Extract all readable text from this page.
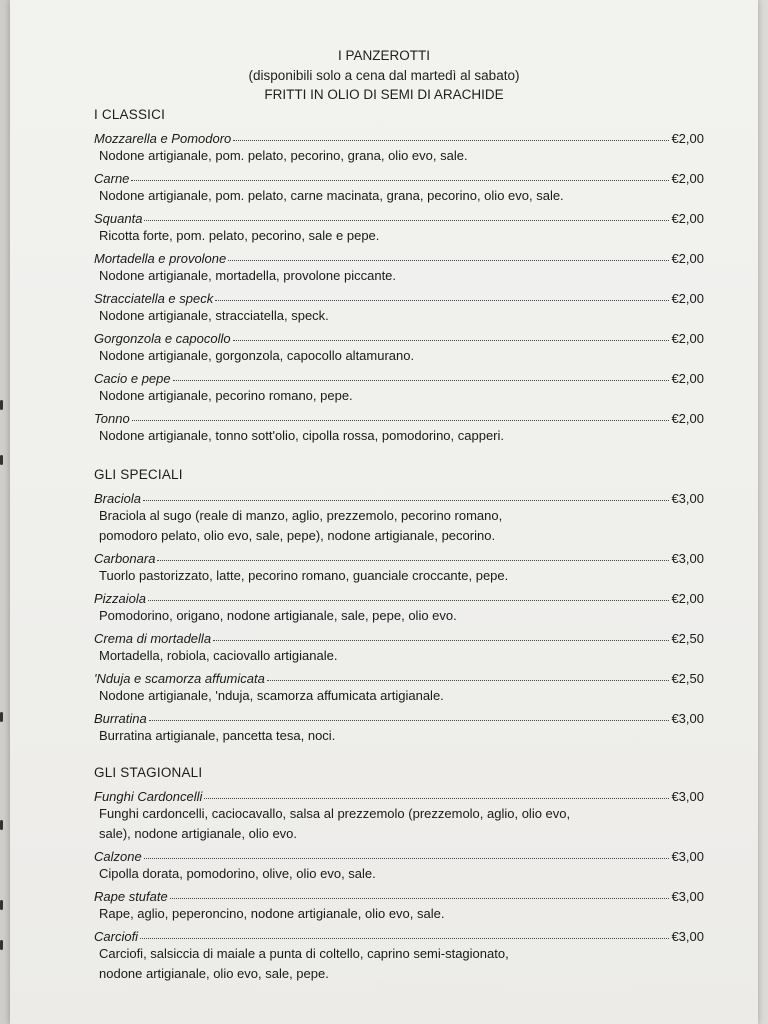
I PANZEROTTI
(disponibili solo a cena dal martedì al sabato)
FRITTI IN OLIO DI SEMI DI ARACHIDE
I CLASSICI
Mozzarella e Pomodoro	€2,00
Nodone artigianale, pom. pelato, pecorino, grana, olio evo, sale.
Carne	€2,00
Nodone artigianale, pom. pelato, carne macinata, grana, pecorino, olio evo, sale.
Squanta	€2,00
Ricotta forte, pom. pelato, pecorino, sale e pepe.
Mortadella e provolone	€2,00
Nodone artigianale, mortadella, provolone piccante.
Stracciatella e speck	€2,00
Nodone artigianale, stracciatella, speck.
Gorgonzola e capocollo	€2,00
Nodone artigianale, gorgonzola, capocollo altamurano.
Cacio e pepe	€2,00
Nodone artigianale, pecorino romano, pepe.
Tonno	€2,00
Nodone artigianale, tonno sott'olio, cipolla rossa, pomodorino, capperi.
GLI SPECIALI
Braciola	€3,00
Braciola al sugo (reale di manzo, aglio, prezzemolo, pecorino romano,
pomodoro pelato, olio evo, sale, pepe), nodone artigianale, pecorino.
Carbonara	€3,00
Tuorlo pastorizzato, latte, pecorino romano, guanciale croccante, pepe.
Pizzaiola	€2,00
Pomodorino, origano, nodone artigianale, sale, pepe, olio evo.
Crema di mortadella	€2,50
Mortadella, robiola, caciovallo artigianale.
'Nduja e scamorza affumicata	€2,50
Nodone artigianale, 'nduja, scamorza affumicata artigianale.
Burratina	€3,00
Burratina artigianale, pancetta tesa, noci.
GLI STAGIONALI
Funghi Cardoncelli	€3,00
Funghi cardoncelli, caciocavallo, salsa al prezzemolo (prezzemolo, aglio, olio evo,
sale), nodone artigianale, olio evo.
Calzone	€3,00
Cipolla dorata, pomodorino, olive, olio evo, sale.
Rape stufate	€3,00
Rape, aglio, peperoncino, nodone artigianale, olio evo, sale.
Carciofi	€3,00
Carciofi, salsiccia di maiale a punta di coltello, caprino semi-stagionato,
nodone artigianale, olio evo, sale, pepe.
